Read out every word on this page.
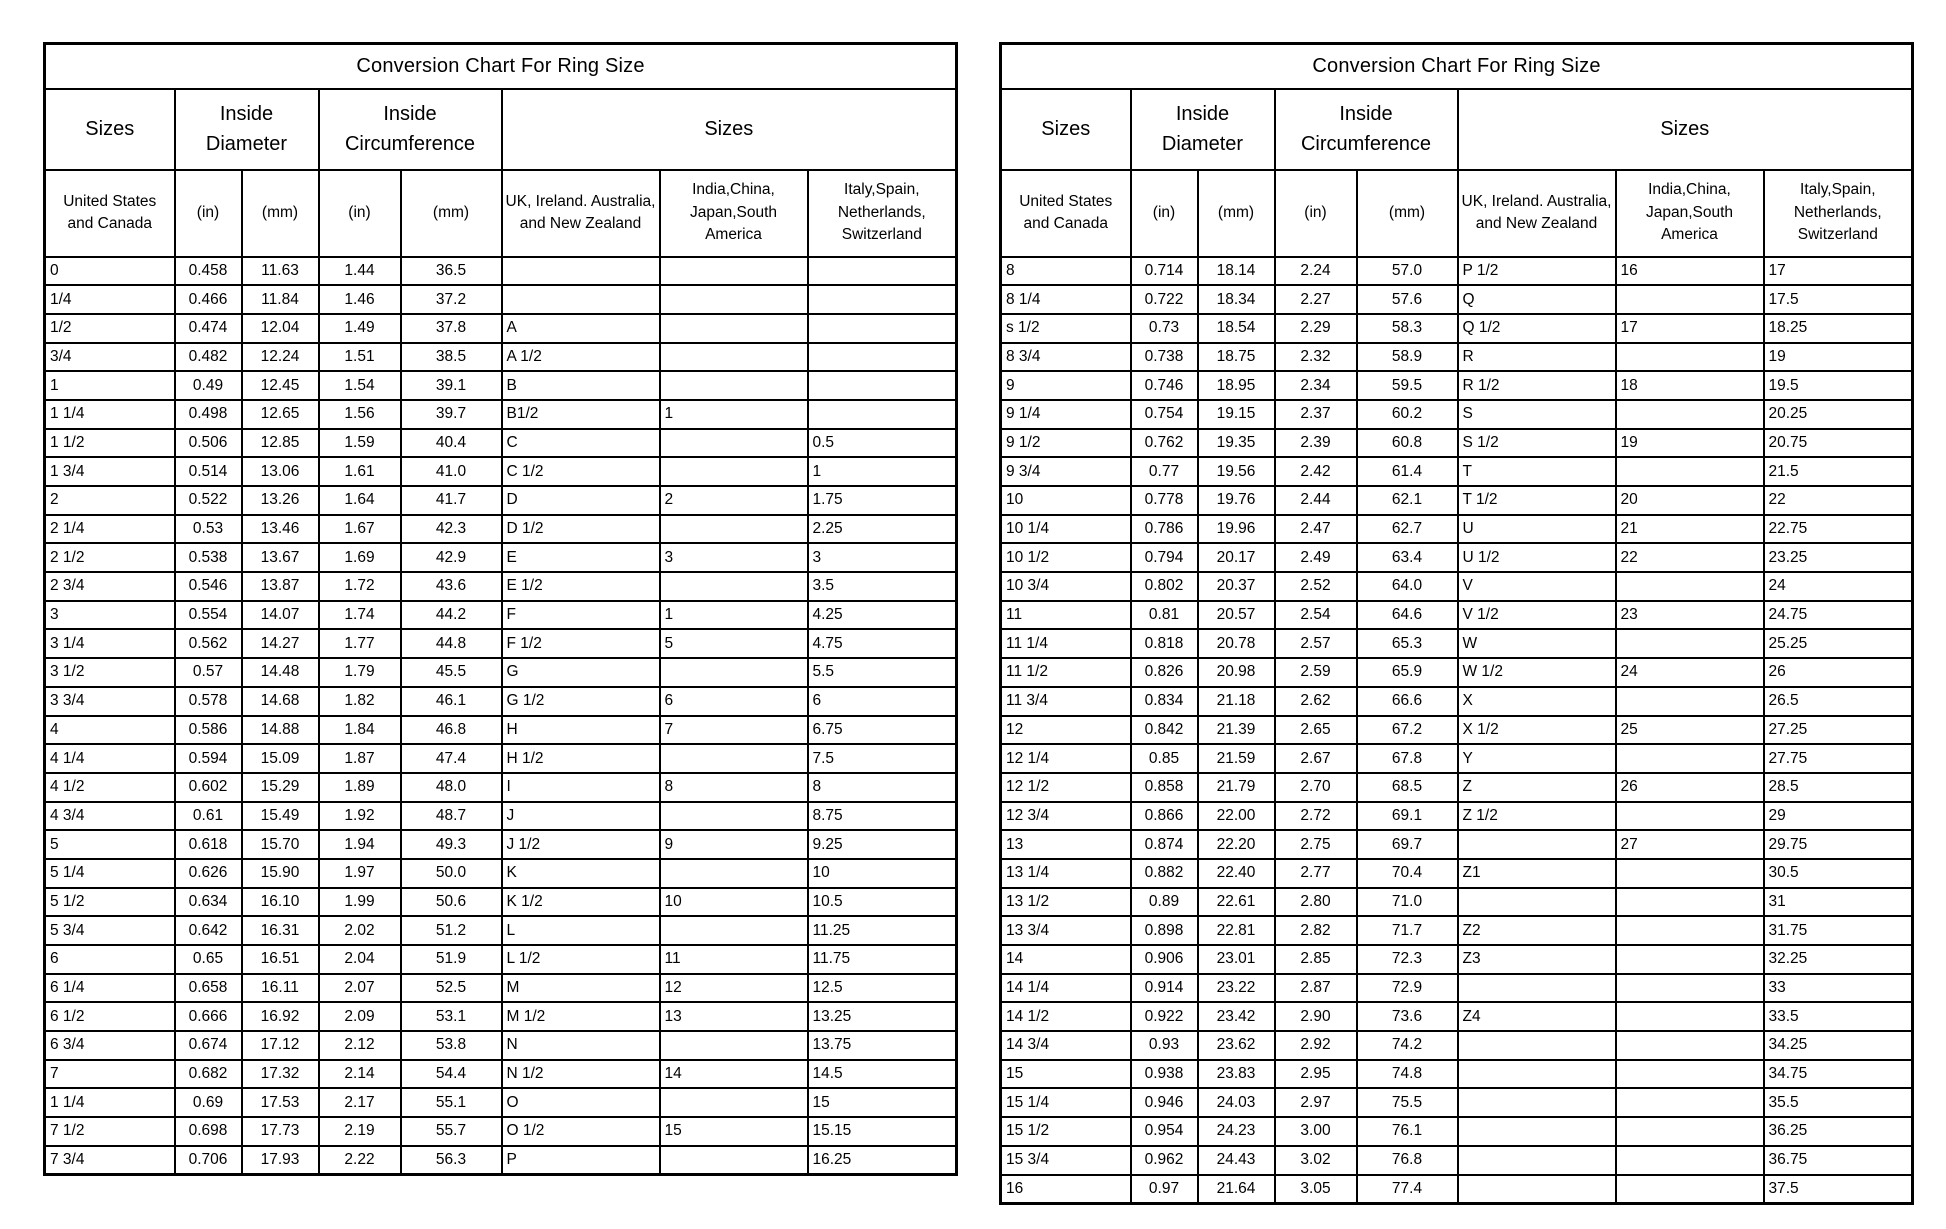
Conversion Chart For Ring Size							
Sizes	Inside Diameter		Inside Circumference		Sizes		
United States and Canada	(in)	(mm)	(in)	(mm)	UK, Ireland. Australia, and New Zealand	India,China, Japan,South America	Italy,Spain, Netherlands, Switzerland
0	0.458	11.63	1.44	36.5			
1/4	0.466	11.84	1.46	37.2			
1/2	0.474	12.04	1.49	37.8	A		
3/4	0.482	12.24	1.51	38.5	A 1/2		
1	0.49	12.45	1.54	39.1	B		
1 1/4	0.498	12.65	1.56	39.7	B1/2	1	
1 1/2	0.506	12.85	1.59	40.4	C		0.5
1 3/4	0.514	13.06	1.61	41.0	C 1/2		1
2	0.522	13.26	1.64	41.7	D	2	1.75
2 1/4	0.53	13.46	1.67	42.3	D 1/2		2.25
2 1/2	0.538	13.67	1.69	42.9	E	3	3
2 3/4	0.546	13.87	1.72	43.6	E 1/2		3.5
3	0.554	14.07	1.74	44.2	F	1	4.25
3 1/4	0.562	14.27	1.77	44.8	F 1/2	5	4.75
3 1/2	0.57	14.48	1.79	45.5	G		5.5
3 3/4	0.578	14.68	1.82	46.1	G 1/2	6	6
4	0.586	14.88	1.84	46.8	H	7	6.75
4 1/4	0.594	15.09	1.87	47.4	H 1/2		7.5
4 1/2	0.602	15.29	1.89	48.0	I	8	8
4 3/4	0.61	15.49	1.92	48.7	J		8.75
5	0.618	15.70	1.94	49.3	J 1/2	9	9.25
5 1/4	0.626	15.90	1.97	50.0	K		10
5 1/2	0.634	16.10	1.99	50.6	K 1/2	10	10.5
5 3/4	0.642	16.31	2.02	51.2	L		11.25
6	0.65	16.51	2.04	51.9	L 1/2	11	11.75
6 1/4	0.658	16.11	2.07	52.5	M	12	12.5
6 1/2	0.666	16.92	2.09	53.1	M 1/2	13	13.25
6 3/4	0.674	17.12	2.12	53.8	N		13.75
7	0.682	17.32	2.14	54.4	N 1/2	14	14.5
1 1/4	0.69	17.53	2.17	55.1	O		15
7 1/2	0.698	17.73	2.19	55.7	O 1/2	15	15.15
7 3/4	0.706	17.93	2.22	56.3	P		16.25
Conversion Chart For Ring Size							
Sizes	Inside Diameter		Inside Circumference		Sizes		
United States and Canada	(in)	(mm)	(in)	(mm)	UK, Ireland. Australia, and New Zealand	India,China, Japan,South America	Italy,Spain, Netherlands, Switzerland
8	0.714	18.14	2.24	57.0	P 1/2	16	17
8 1/4	0.722	18.34	2.27	57.6	Q		17.5
s 1/2	0.73	18.54	2.29	58.3	Q 1/2	17	18.25
8 3/4	0.738	18.75	2.32	58.9	R		19
9	0.746	18.95	2.34	59.5	R 1/2	18	19.5
9 1/4	0.754	19.15	2.37	60.2	S		20.25
9 1/2	0.762	19.35	2.39	60.8	S 1/2	19	20.75
9 3/4	0.77	19.56	2.42	61.4	T		21.5
10	0.778	19.76	2.44	62.1	T 1/2	20	22
10 1/4	0.786	19.96	2.47	62.7	U	21	22.75
10 1/2	0.794	20.17	2.49	63.4	U 1/2	22	23.25
10 3/4	0.802	20.37	2.52	64.0	V		24
11	0.81	20.57	2.54	64.6	V 1/2	23	24.75
11 1/4	0.818	20.78	2.57	65.3	W		25.25
11 1/2	0.826	20.98	2.59	65.9	W 1/2	24	26
11 3/4	0.834	21.18	2.62	66.6	X		26.5
12	0.842	21.39	2.65	67.2	X 1/2	25	27.25
12 1/4	0.85	21.59	2.67	67.8	Y		27.75
12 1/2	0.858	21.79	2.70	68.5	Z	26	28.5
12 3/4	0.866	22.00	2.72	69.1	Z 1/2		29
13	0.874	22.20	2.75	69.7		27	29.75
13 1/4	0.882	22.40	2.77	70.4	Z1		30.5
13 1/2	0.89	22.61	2.80	71.0			31
13 3/4	0.898	22.81	2.82	71.7	Z2		31.75
14	0.906	23.01	2.85	72.3	Z3		32.25
14 1/4	0.914	23.22	2.87	72.9			33
14 1/2	0.922	23.42	2.90	73.6	Z4		33.5
14 3/4	0.93	23.62	2.92	74.2			34.25
15	0.938	23.83	2.95	74.8			34.75
15 1/4	0.946	24.03	2.97	75.5			35.5
15 1/2	0.954	24.23	3.00	76.1			36.25
15 3/4	0.962	24.43	3.02	76.8			36.75
16	0.97	21.64	3.05	77.4			37.5
